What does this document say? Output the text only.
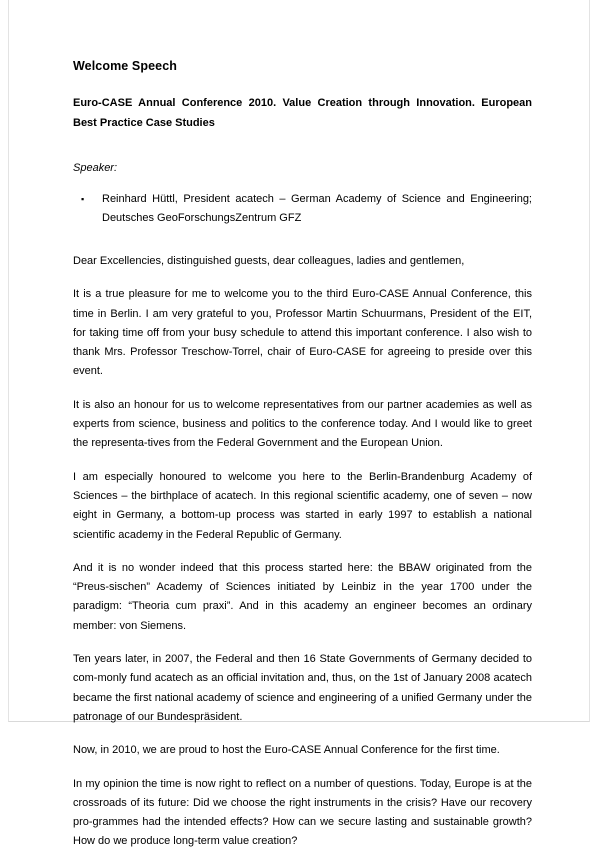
Welcome Speech

Euro-CASE Annual Conference 2010. Value Creation through Innovation. European Best Practice Case Studies

Speaker:

▪ Reinhard Hüttl, President acatech – German Academy of Science and Engineering; Deutsches GeoForschungsZentrum GFZ

Dear Excellencies, distinguished guests, dear colleagues, ladies and gentlemen,

It is a true pleasure for me to welcome you to the third Euro-CASE Annual Conference, this time in Berlin. I am very grateful to you, Professor Martin Schuurmans, President of the EIT, for taking time off from your busy schedule to attend this important conference. I also wish to thank Mrs. Professor Treschow-Torrel, chair of Euro-CASE for agreeing to preside over this event.

It is also an honour for us to welcome representatives from our partner academies as well as experts from science, business and politics to the conference today. And I would like to greet the representa-tives from the Federal Government and the European Union.

I am especially honoured to welcome you here to the Berlin-Brandenburg Academy of Sciences – the birthplace of acatech. In this regional scientific academy, one of seven – now eight in Germany, a bottom-up process was started in early 1997 to establish a national scientific academy in the Federal Republic of Germany.

And it is no wonder indeed that this process started here: the BBAW originated from the “Preus-sischen” Academy of Sciences initiated by Leinbiz in the year 1700 under the paradigm: “Theoria cum praxi”. And in this academy an engineer becomes an ordinary member: von Siemens.

Ten years later, in 2007, the Federal and then 16 State Governments of Germany decided to com-monly fund acatech as an official invitation and, thus, on the 1st of January 2008 acatech became the first national academy of science and engineering of a unified Germany under the patronage of our Bundespräsident.

Now, in 2010, we are proud to host the Euro-CASE Annual Conference for the first time.

In my opinion the time is now right to reflect on a number of questions. Today, Europe is at the crossroads of its future: Did we choose the right instruments in the crisis? Have our recovery pro-grammes had the intended effects? How can we secure lasting and sustainable growth? How do we produce long-term value creation?
